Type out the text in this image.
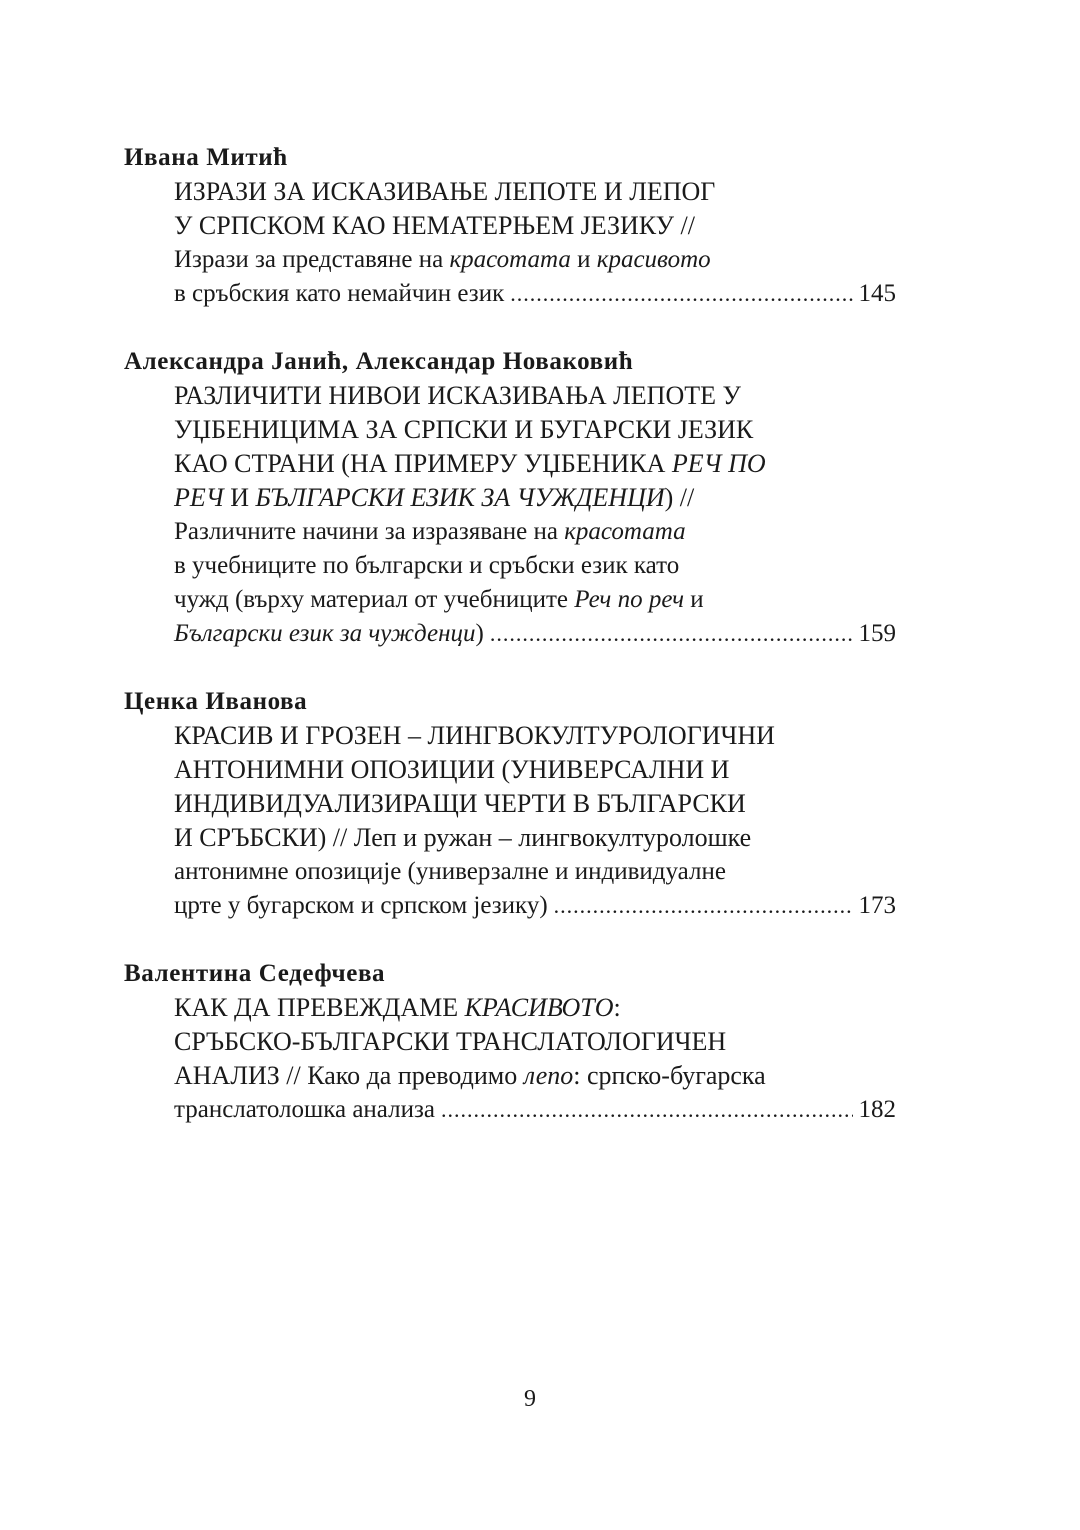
Ивана Митић
ИЗРАЗИ ЗА ИСКАЗИВАЊЕ ЛЕПОТЕ И ЛЕПОГ
У СРПСКОМ КАО НЕМАТЕРЊЕМ ЈЕЗИКУ //
Изрази за представяне на красотата и красивото
в сръбския като немайчин език .....	145
Александра Јанић, Александар Новаковић
РАЗЛИЧИТИ НИВОИ ИСКАЗИВАЊА ЛЕПОТЕ У
УЏБЕНИЦИМА ЗА СРПСКИ И БУГАРСКИ ЈЕЗИК
КАО СТРАНИ (НА ПРИМЕРУ УЏБЕНИКА РЕЧ ПО
РЕЧ И БЪЛГАРСКИ ЕЗИК ЗА ЧУЖДЕНЦИ ) //
Различните начини за изразяване на красотата
в учебниците по български и сръбски език като
чужд (върху материал от учебниците Реч по реч и
Български език за чужденци ) .....	159
Ценка Иванова
КРАСИВ И ГРОЗЕН – ЛИНГВОКУЛТУРОЛОГИЧНИ
АНТОНИМНИ ОПОЗИЦИИ (УНИВЕРСАЛНИ И
ИНДИВИДУАЛИЗИРАЩИ ЧЕРТИ В БЪЛГАРСКИ
И СРЪБСКИ) // Леп и ружан – лингвокултуролошке
антонимне опозиције (универзалне и индивидуалне
црте у бугарском и српском језику) .....	173
Валентина Седефчева
КАК ДА ПРЕВЕЖДАМЕ КРАСИВОТО :
СРЪБСКО-БЪЛГАРСКИ ТРАНСЛАТОЛОГИЧЕН
АНАЛИЗ // Како да преводимо лепо : српско-бугарска
транслатолошка анализа .....	182
9
